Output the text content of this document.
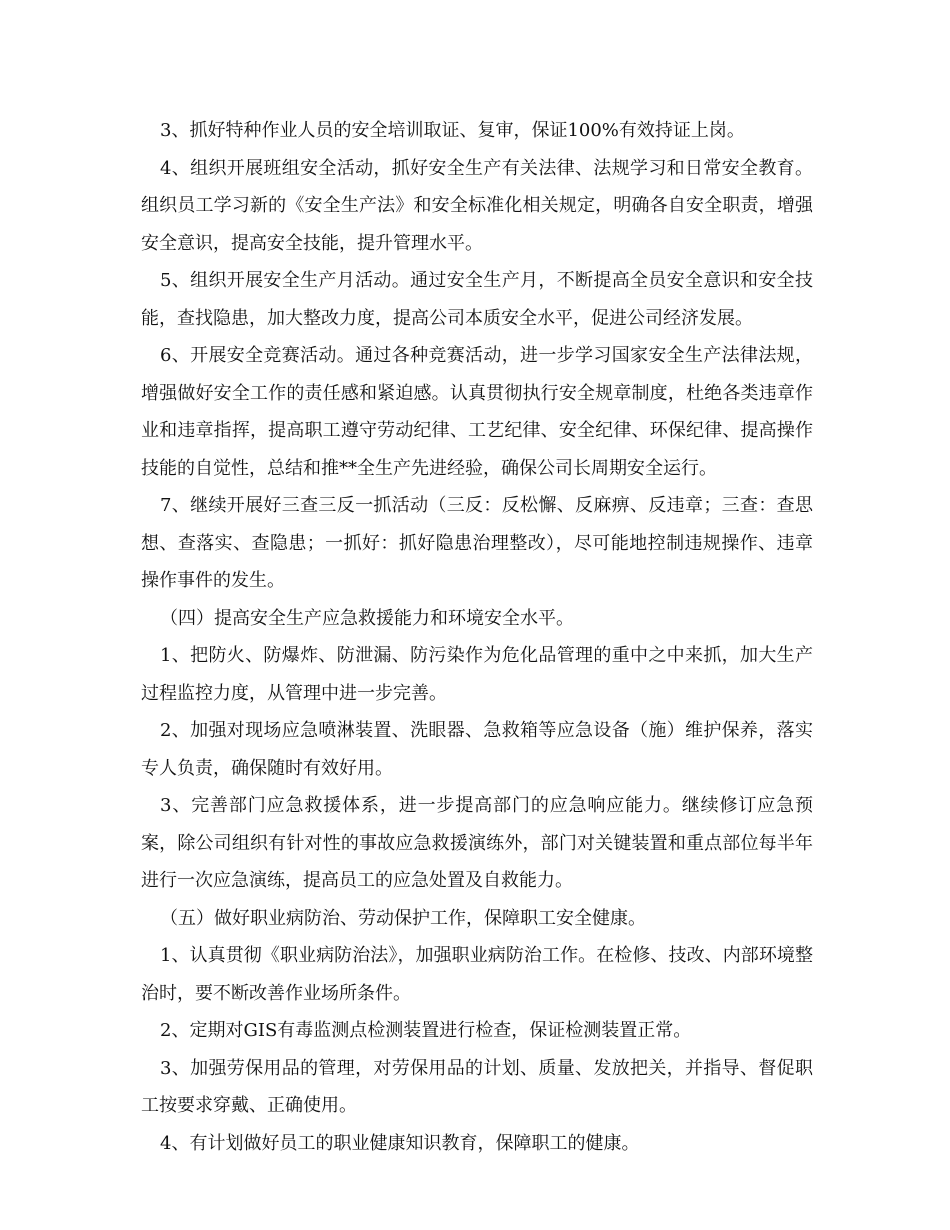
3、抓好特种作业人员的安全培训取证、复审，保证100%有效持证上岗。

4、组织开展班组安全活动，抓好安全生产有关法律、法规学习和日常安全教育。组织员工学习新的《安全生产法》和安全标准化相关规定，明确各自安全职责，增强安全意识，提高安全技能，提升管理水平。

5、组织开展安全生产月活动。通过安全生产月，不断提高全员安全意识和安全技能，查找隐患，加大整改力度，提高公司本质安全水平，促进公司经济发展。

6、开展安全竞赛活动。通过各种竞赛活动，进一步学习国家安全生产法律法规，增强做好安全工作的责任感和紧迫感。认真贯彻执行安全规章制度，杜绝各类违章作业和违章指挥，提高职工遵守劳动纪律、工艺纪律、安全纪律、环保纪律、提高操作技能的自觉性，总结和推**全生产先进经验，确保公司长周期安全运行。

7、继续开展好三查三反一抓活动（三反：反松懈、反麻痹、反违章；三查：查思想、查落实、查隐患；一抓好：抓好隐患治理整改），尽可能地控制违规操作、违章操作事件的发生。

（四）提高安全生产应急救援能力和环境安全水平。

1、把防火、防爆炸、防泄漏、防污染作为危化品管理的重中之中来抓，加大生产过程监控力度，从管理中进一步完善。

2、加强对现场应急喷淋装置、洗眼器、急救箱等应急设备（施）维护保养，落实专人负责，确保随时有效好用。

3、完善部门应急救援体系，进一步提高部门的应急响应能力。继续修订应急预案，除公司组织有针对性的事故应急救援演练外，部门对关键装置和重点部位每半年进行一次应急演练，提高员工的应急处置及自救能力。

（五）做好职业病防治、劳动保护工作，保障职工安全健康。

1、认真贯彻《职业病防治法》，加强职业病防治工作。在检修、技改、内部环境整治时，要不断改善作业场所条件。

2、定期对GIS有毒监测点检测装置进行检查，保证检测装置正常。

3、加强劳保用品的管理，对劳保用品的计划、质量、发放把关，并指导、督促职工按要求穿戴、正确使用。

4、有计划做好员工的职业健康知识教育，保障职工的健康。
